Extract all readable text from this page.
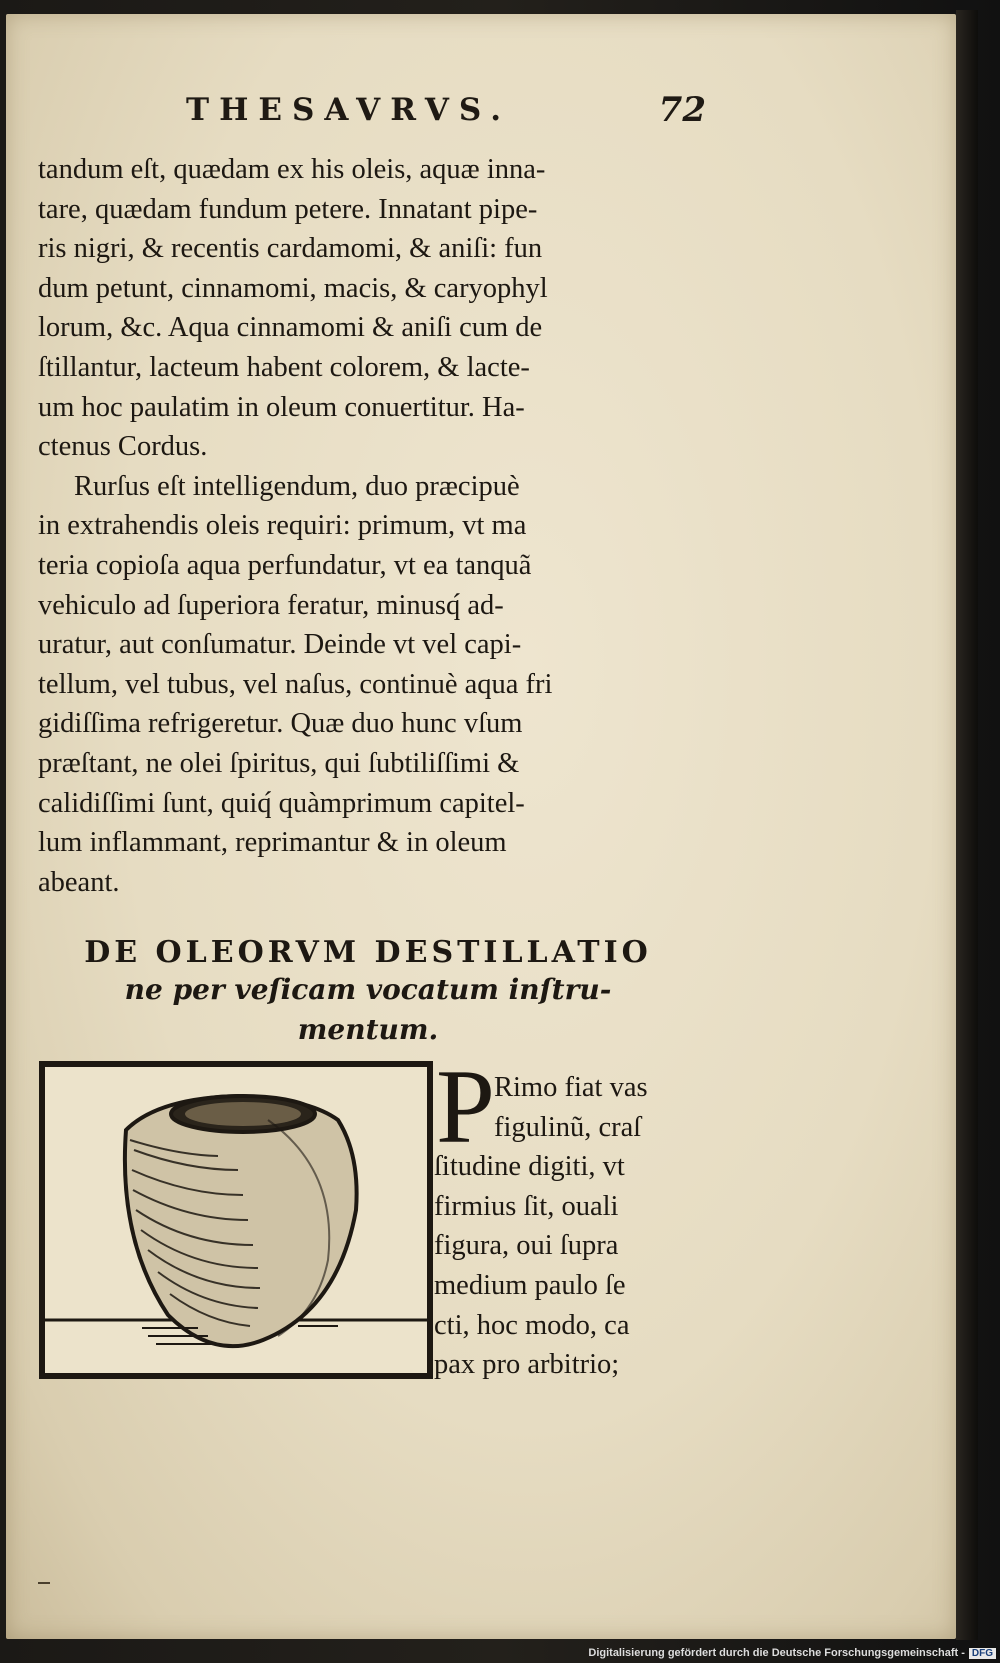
THESAVRVS.	72
tandum eſt, quædam ex his oleis, aquæ inna-
tare, quædam fundum petere. Innatant pipe-
ris nigri, & recentis cardamomi, & aniſi: fun
dum petunt, cinnamomi, macis, & caryophyl
lorum, &c. Aqua cinnamomi & aniſi cum de
ſtillantur, lacteum habent colorem, & lacte-
um hoc paulatim in oleum conuertitur. Ha-
ctenus Cordus.
Rurſus eſt intelligendum, duo præcipuè
in extrahendis oleis requiri: primum, vt ma
teria copioſa aqua perfundatur, vt ea tanquã
vehiculo ad ſuperiora feratur, minusq́ ad-
uratur, aut conſumatur. Deinde vt vel capi-
tellum, vel tubus, vel naſus, continuè aqua fri
gidiſſima refrigeretur. Quæ duo hunc vſum
præſtant, ne olei ſpiritus, qui ſubtiliſſimi &
calidiſſimi ſunt, quiq́ quàmprimum capitel-
lum inflammant, reprimantur & in oleum
abeant.
DE OLEORVM DESTILLATIO
ne per veſicam vocatum inſtru-
mentum.
P Rimo fiat vas
figulinũ, craſ
ſitudine digiti, vt
firmius ſit, ouali
figura, oui ſupra
medium paulo ſe
cti, hoc modo, ca
pax pro arbitrio;
Digitalisierung gefördert durch die Deutsche Forschungsgemeinschaft - DFG
